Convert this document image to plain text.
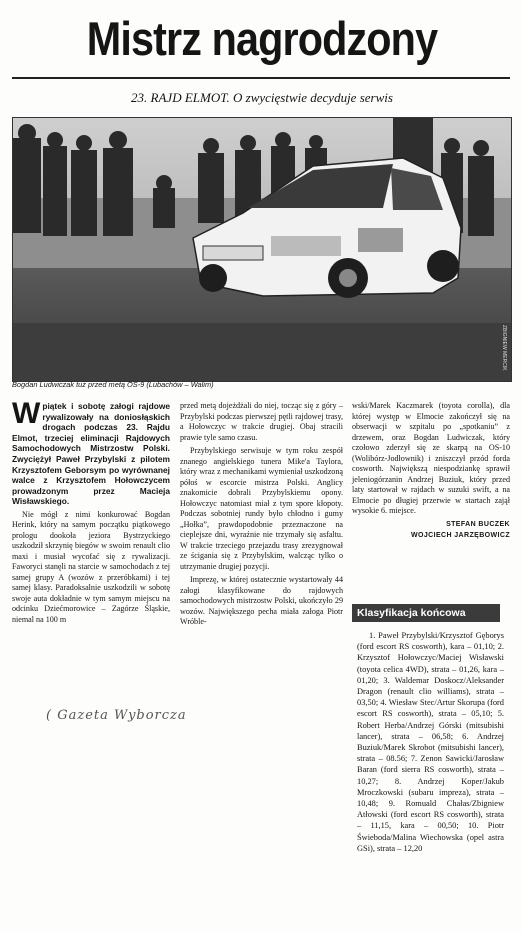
Mistrz nagrodzony
23. RAJD ELMOT. O zwycięstwie decyduje serwis
ZBIGNIEW MERCIK
Bogdan Ludwiczak tuż przed metą OS-9 (Lubachów – Walim)

Wpiątek i sobotę załogi rajdowe rywalizowały na doniosłąskich drogach podczas 23. Rajdu Elmot, trzeciej eliminacji Rajdowych Samochodowych Mistrzostw Polski. Zwyciężył Paweł Przybylski z pilotem Krzysztofem Geborsym po wyrównanej walce z Krzysztofem Hołowczycem prowadzonym przez Macieja Wisławskiego.

Nie mógł z nimi konkurować Bogdan Herink, który na samym początku piątkowego prologu dookoła jeziora Bystrzyckiego uszkodził skrzynię biegów w swoim renault clio maxi i musiał wycofać się z rywalizacji. Faworyci stanęli na starcie w samochodach z tej samej grupy A (wozów z przeróbkami) i tej samej klasy. Paradoksalnie uszkodzili w sobotę swoje auta dokładnie w tym samym miejscu na odcinku Dziećmorowice – Zagórze Śląskie, niemal na 100 m

przed metą dojeżdżali do niej, tocząc się z góry – Przybylski podczas pierwszej pętli rajdowej trasy, a Hołowczyc w trakcie drugiej. Obaj stracili prawie tyle samo czasu.

Przybylskiego serwisuje w tym roku zespół znanego angielskiego tunera Mike'a Taylora, który wraz z mechanikami wymieniał uszkodzoną półoś w escorcie mistrza Polski. Anglicy znakomicie dobrali Przybylskiemu opony. Hołowczyc natomiast miał z tym spore kłopoty. Podczas sobotniej rundy było chłodno i gumy „Hołka”, prawdopodobnie przeznaczone na cieplejsze dni, wyraźnie nie trzymały się asfaltu. W trakcie trzeciego przejazdu trasy zrezygnował ze ścigania się z Przybylskim, walcząc tylko o utrzymanie drugiej pozycji.

Imprezę, w której ostatecznie wystartowały 44 załogi klasyfikowane do rajdowych samochodowych mistrzostw Polski, ukończyło 29 wozów. Największego pecha miała załoga Piotr Wróble-

wski/Marek Kaczmarek (toyota corolla), dla której występ w Elmocie zakończył się na obserwacji w szpitalu po „spotkaniu” z drzewem, oraz Bogdan Ludwiczak, który czołowo zderzył się ze skarpą na OS-10 (Wolibórz-Jodłownik) i zniszczył przód forda cosworth. Największą niespodziankę sprawił jeleniogórzanin Andrzej Buziuk, który przed laty startował w rajdach w suzuki swift, a na Elmocie po długiej przerwie w startach zajął wysokie 6. miejsce.

STEFAN BUCZEK
WOJCIECH JARZĘBOWICZ
Klasyfikacja końcowa
1. Paweł Przybylski/Krzysztof Gęborys (ford escort RS cosworth), kara – 01,10; 2. Krzysztof Hołowczyc/Maciej Wisławski (toyota celica 4WD), strata – 01,26, kara – 01,20; 3. Waldemar Doskocz/Aleksander Dragon (renault clio williams), strata – 03,50; 4. Wiesław Stec/Artur Skorupa (ford escort RS cosworth), strata – 05,10; 5. Robert Herba/Andrzej Górski (mitsubishi lancer), strata – 06,58; 6. Andrzej Buziuk/Marek Skrobot (mitsubishi lancer), strata – 08.56; 7. Zenon Sawicki/Jarosław Baran (ford sierra RS cosworth), strata – 10,27; 8. Andrzej Koper/Jakub Mroczkowski (subaru impreza), strata – 10,48; 9. Romuald Chałas/Zbigniew Atłowski (ford escort RS cosworth), strata – 11,15, kara – 00,50; 10. Piotr Świeboda/Malina Wiechowska (opel astra GSi), strata – 12,20
( Gazeta Wyborcza
